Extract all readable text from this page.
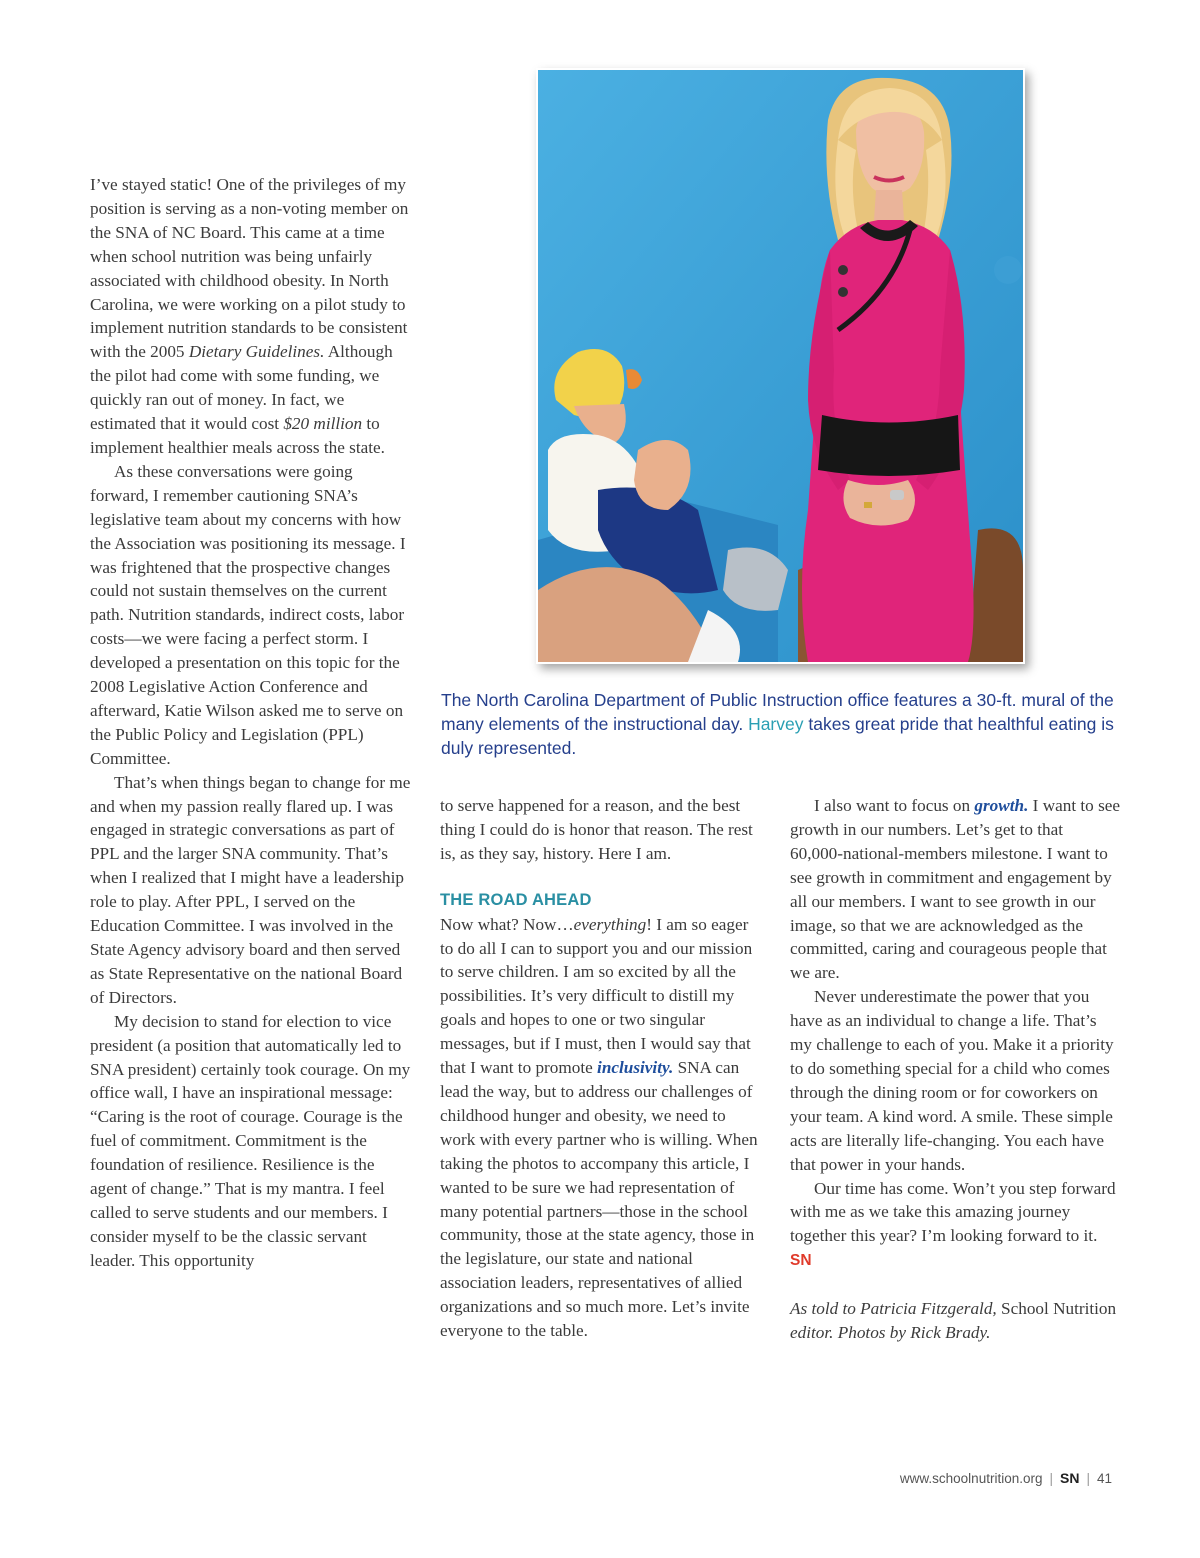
I’ve stayed static! One of the privileges of my position is serving as a non-voting member on the SNA of NC Board. This came at a time when school nutrition was being unfairly associated with childhood obesity. In North Carolina, we were working on a pilot study to implement nutrition standards to be consistent with the 2005 Dietary Guidelines. Although the pilot had come with some funding, we quickly ran out of money. In fact, we estimated that it would cost $20 million to implement healthier meals across the state.

As these conversations were going forward, I remember cautioning SNA’s legislative team about my concerns with how the Association was positioning its message. I was frightened that the prospective changes could not sustain themselves on the current path. Nutrition standards, indirect costs, labor costs—we were facing a perfect storm. I developed a presentation on this topic for the 2008 Legislative Action Conference and afterward, Katie Wilson asked me to serve on the Public Policy and Legislation (PPL) Committee.

That’s when things began to change for me and when my passion really flared up. I was engaged in strategic conversations as part of PPL and the larger SNA community. That’s when I realized that I might have a leadership role to play. After PPL, I served on the Education Committee. I was involved in the State Agency advisory board and then served as State Representative on the national Board of Directors.

My decision to stand for election to vice president (a position that automatically led to SNA president) certainly took courage. On my office wall, I have an inspirational message: “Caring is the root of courage. Courage is the fuel of commitment. Commitment is the foundation of resilience. Resilience is the agent of change.” That is my mantra. I feel called to serve students and our members. I consider myself to be the classic servant leader. This opportunity

to serve happened for a reason, and the best thing I could do is honor that reason. The rest is, as they say, history. Here I am.

THE ROAD AHEAD

Now what? Now…everything! I am so eager to do all I can to support you and our mission to serve children. I am so excited by all the possibilities. It’s very difficult to distill my goals and hopes to one or two singular messages, but if I must, then I would say that that I want to promote inclusivity. SNA can lead the way, but to address our challenges of childhood hunger and obesity, we need to work with every partner who is willing. When taking the photos to accompany this article, I wanted to be sure we had representation of many potential partners—those in the school community, those at the state agency, those in the legislature, our state and national association leaders, representatives of allied organizations and so much more. Let’s invite everyone to the table.

I also want to focus on growth. I want to see growth in our numbers. Let’s get to that 60,000-national-members milestone. I want to see growth in commitment and engagement by all our members. I want to see growth in our image, so that we are acknowledged as the committed, caring and courageous people that we are.

Never underestimate the power that you have as an individual to change a life. That’s my challenge to each of you. Make it a priority to do something special for a child who comes through the dining room or for coworkers on your team. A kind word. A smile. These simple acts are literally life-changing. You each have that power in your hands.

Our time has come. Won’t you step forward with me as we take this amazing journey together this year? I’m looking forward to it. SN

As told to Patricia Fitzgerald, School Nutrition editor. Photos by Rick Brady.

The North Carolina Department of Public Instruction office features a 30-ft. mural of the many elements of the instructional day. Harvey takes great pride that healthful eating is duly represented.
www.schoolnutrition.org | SN | 41
